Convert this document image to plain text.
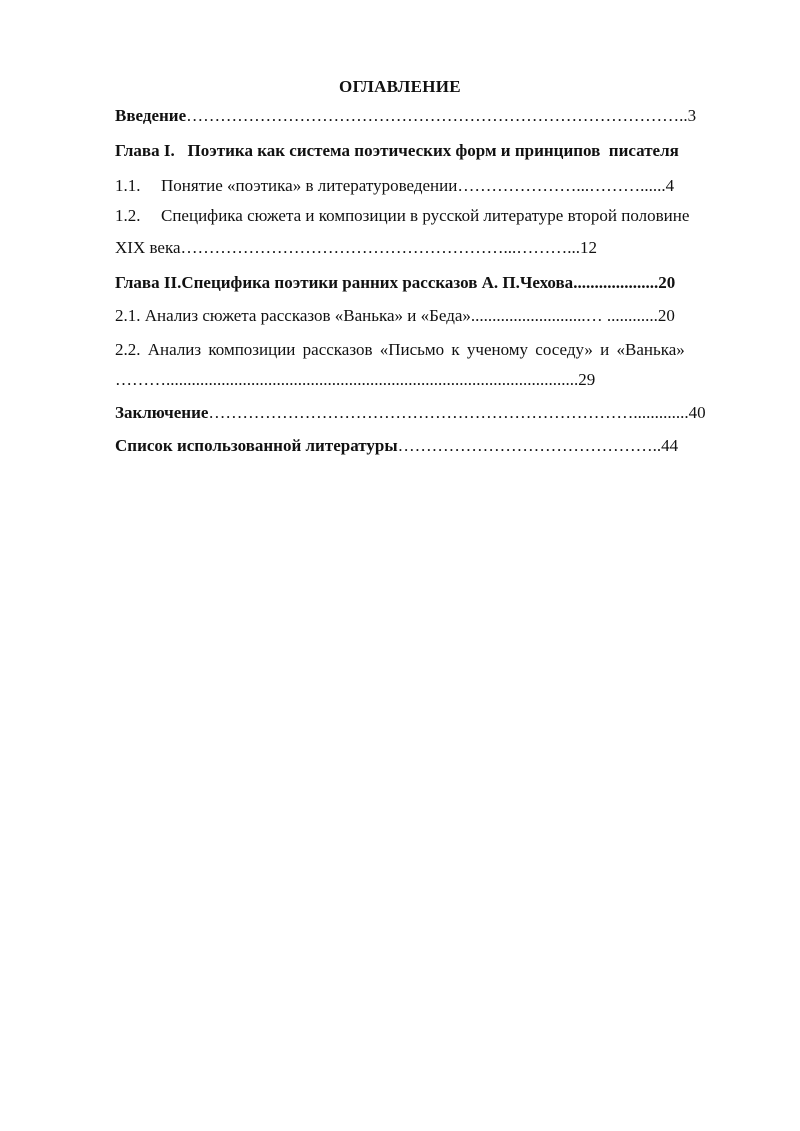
ОГЛАВЛЕНИЕ
Введение……………………………………………………………………………..3
Глава I.   Поэтика как система поэтических форм и принципов  писателя
1.1. Понятие «поэтика» в литературоведении…………………...………......4
1.2. Специфика сюжета и композиции в русской литературе второй половине
XIX века…………………………………………………...………...12
Глава II.Специфика поэтики ранних рассказов А. П.Чехова....................20
2.1. Анализ сюжета рассказов «Ванька» и «Беда»...........................… ............20
2.2. Анализ композиции рассказов «Письмо к ученому соседу» и «Ванька»
……….................................................................................................29
Заключение………………………………………………………………….............40
Список использованной литературы………………………………………..44
